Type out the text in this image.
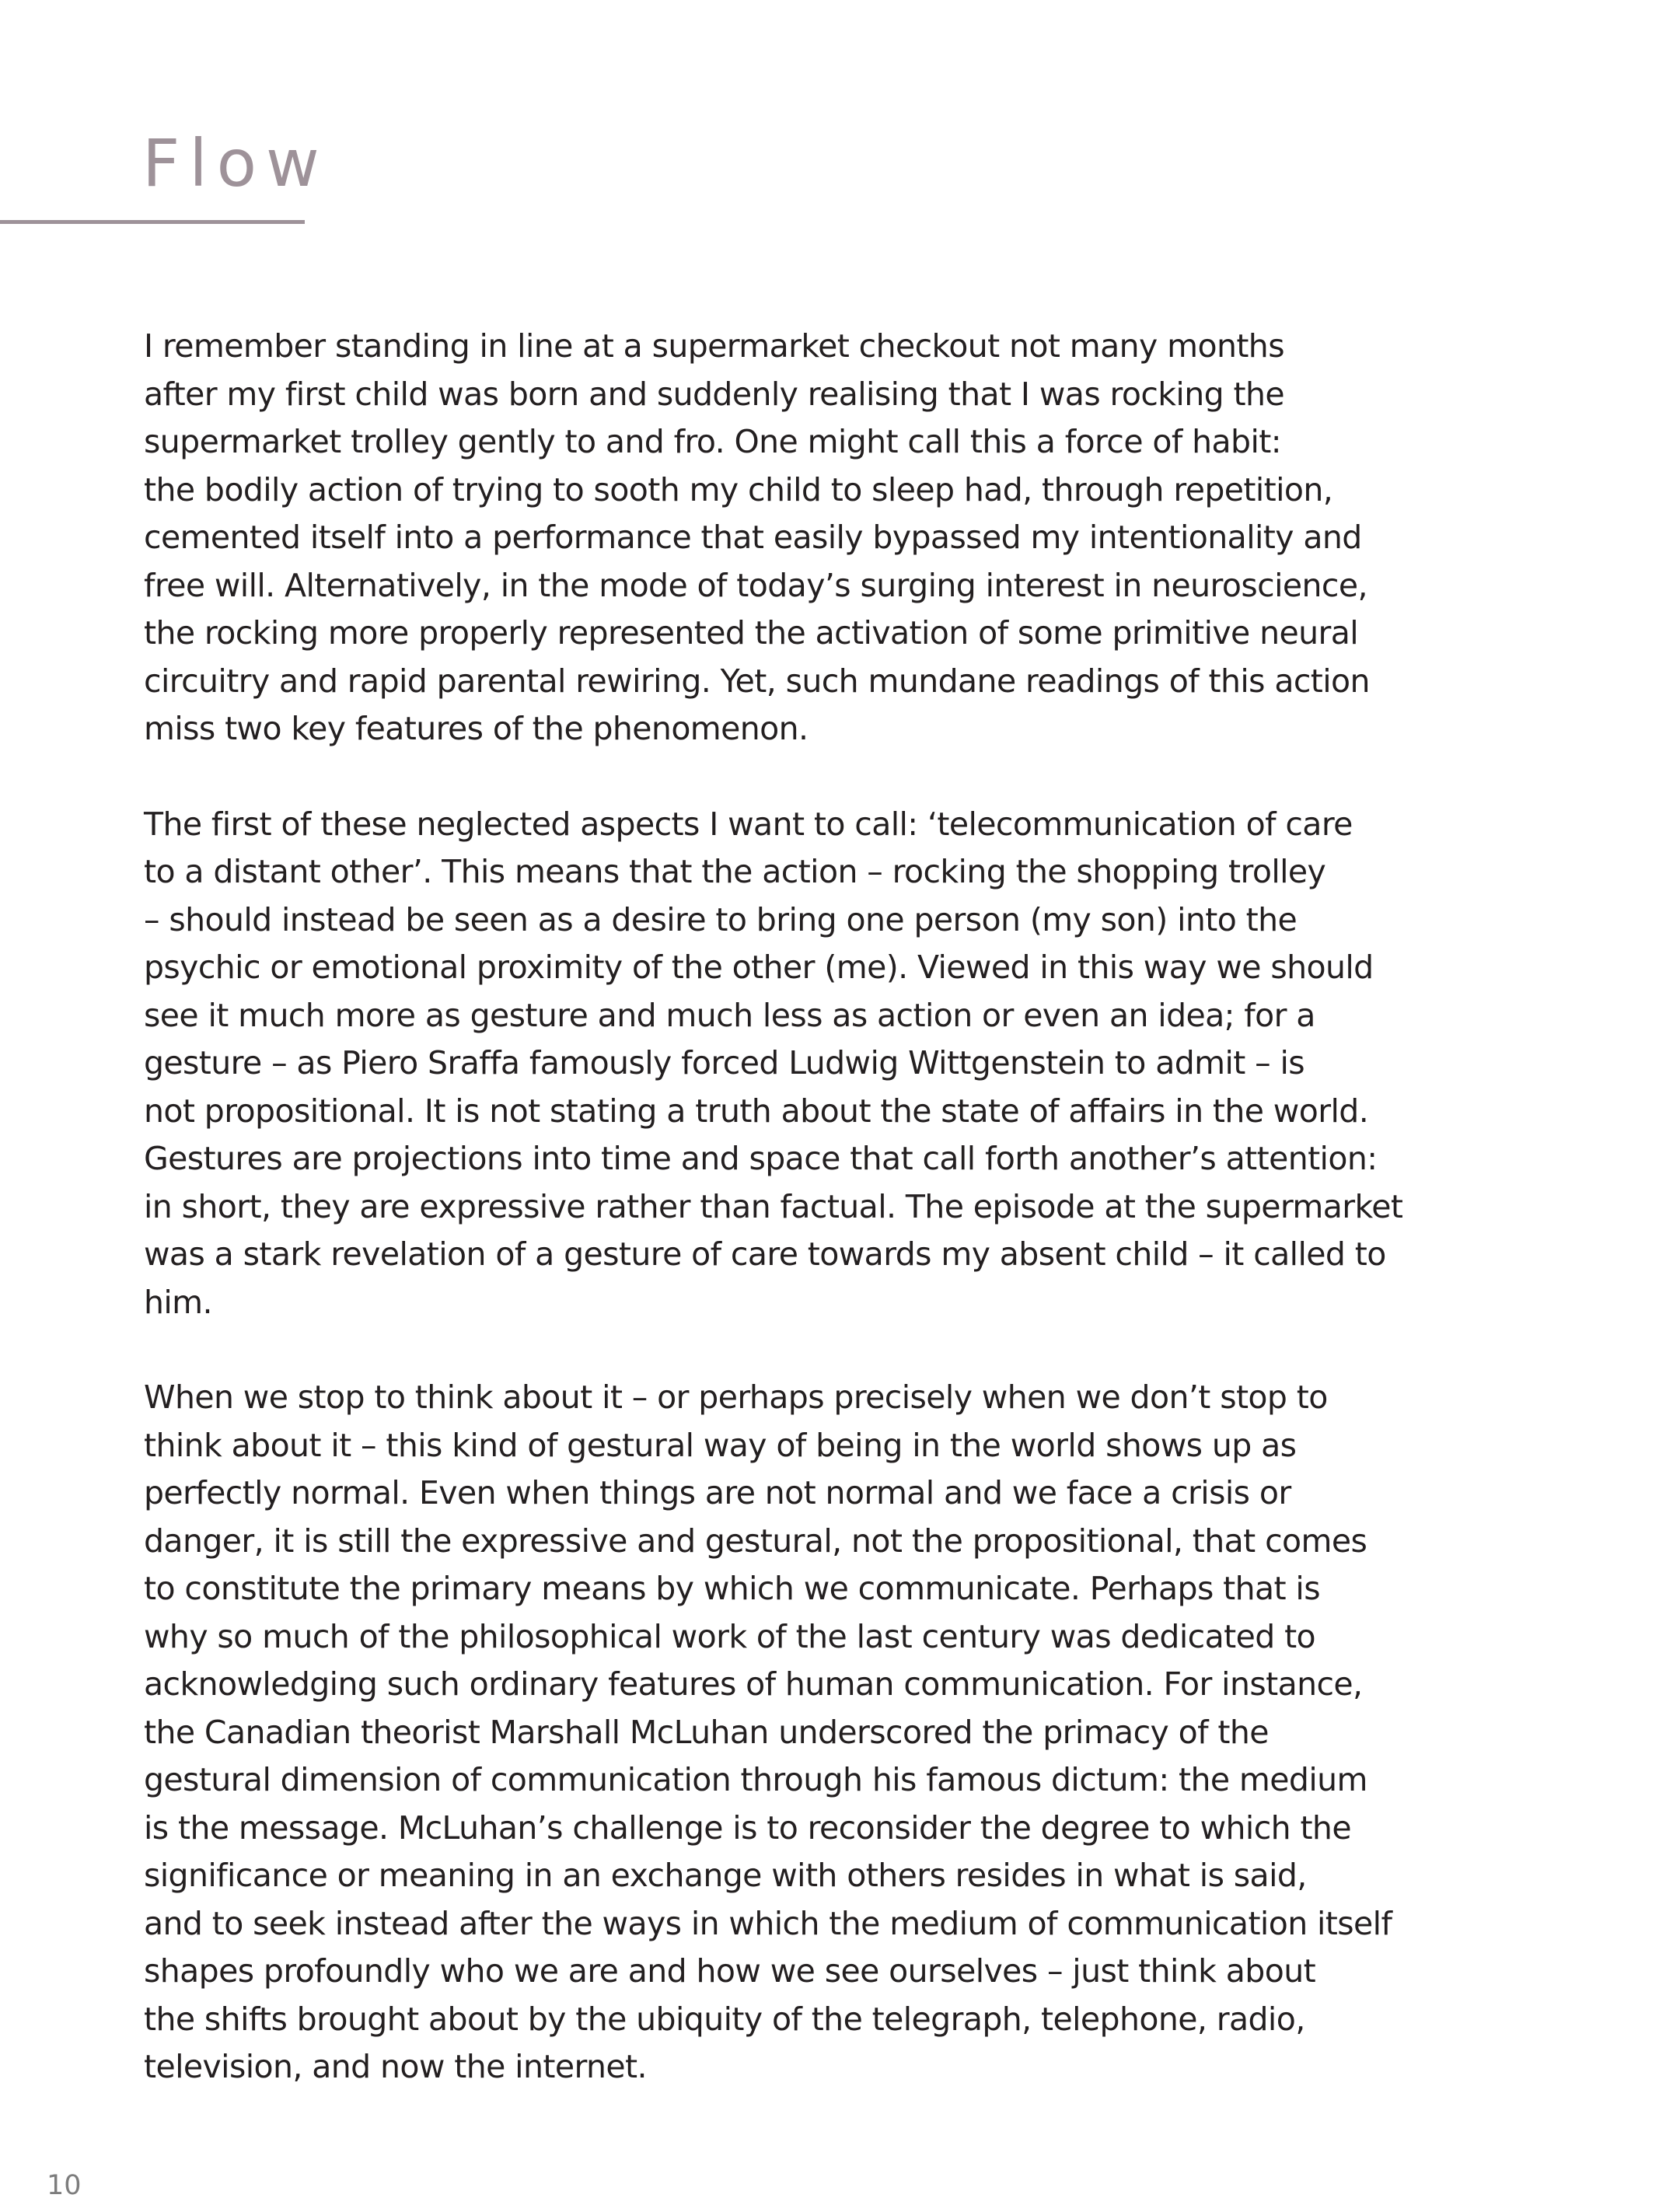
Flow
I remember standing in line at a supermarket checkout not many months
after my first child was born and suddenly realising that I was rocking the
supermarket trolley gently to and fro. One might call this a force of habit:
the bodily action of trying to sooth my child to sleep had, through repetition,
cemented itself into a performance that easily bypassed my intentionality and
free will. Alternatively, in the mode of today’s surging interest in neuroscience,
the rocking more properly represented the activation of some primitive neural
circuitry and rapid parental rewiring. Yet, such mundane readings of this action
miss two key features of the phenomenon.
The first of these neglected aspects I want to call: ‘telecommunication of care
to a distant other’. This means that the action – rocking the shopping trolley
– should instead be seen as a desire to bring one person (my son) into the
psychic or emotional proximity of the other (me). Viewed in this way we should
see it much more as gesture and much less as action or even an idea; for a
gesture – as Piero Sraffa famously forced Ludwig Wittgenstein to admit – is
not propositional. It is not stating a truth about the state of affairs in the world.
Gestures are projections into time and space that call forth another’s attention:
in short, they are expressive rather than factual. The episode at the supermarket
was a stark revelation of a gesture of care towards my absent child – it called to
him.
When we stop to think about it – or perhaps precisely when we don’t stop to
think about it – this kind of gestural way of being in the world shows up as
perfectly normal. Even when things are not normal and we face a crisis or
danger, it is still the expressive and gestural, not the propositional, that comes
to constitute the primary means by which we communicate. Perhaps that is
why so much of the philosophical work of the last century was dedicated to
acknowledging such ordinary features of human communication. For instance,
the Canadian theorist Marshall McLuhan underscored the primacy of the
gestural dimension of communication through his famous dictum: the medium
is the message. McLuhan’s challenge is to reconsider the degree to which the
significance or meaning in an exchange with others resides in what is said,
and to seek instead after the ways in which the medium of communication itself
shapes profoundly who we are and how we see ourselves – just think about
the shifts brought about by the ubiquity of the telegraph, telephone, radio,
television, and now the internet.
10
